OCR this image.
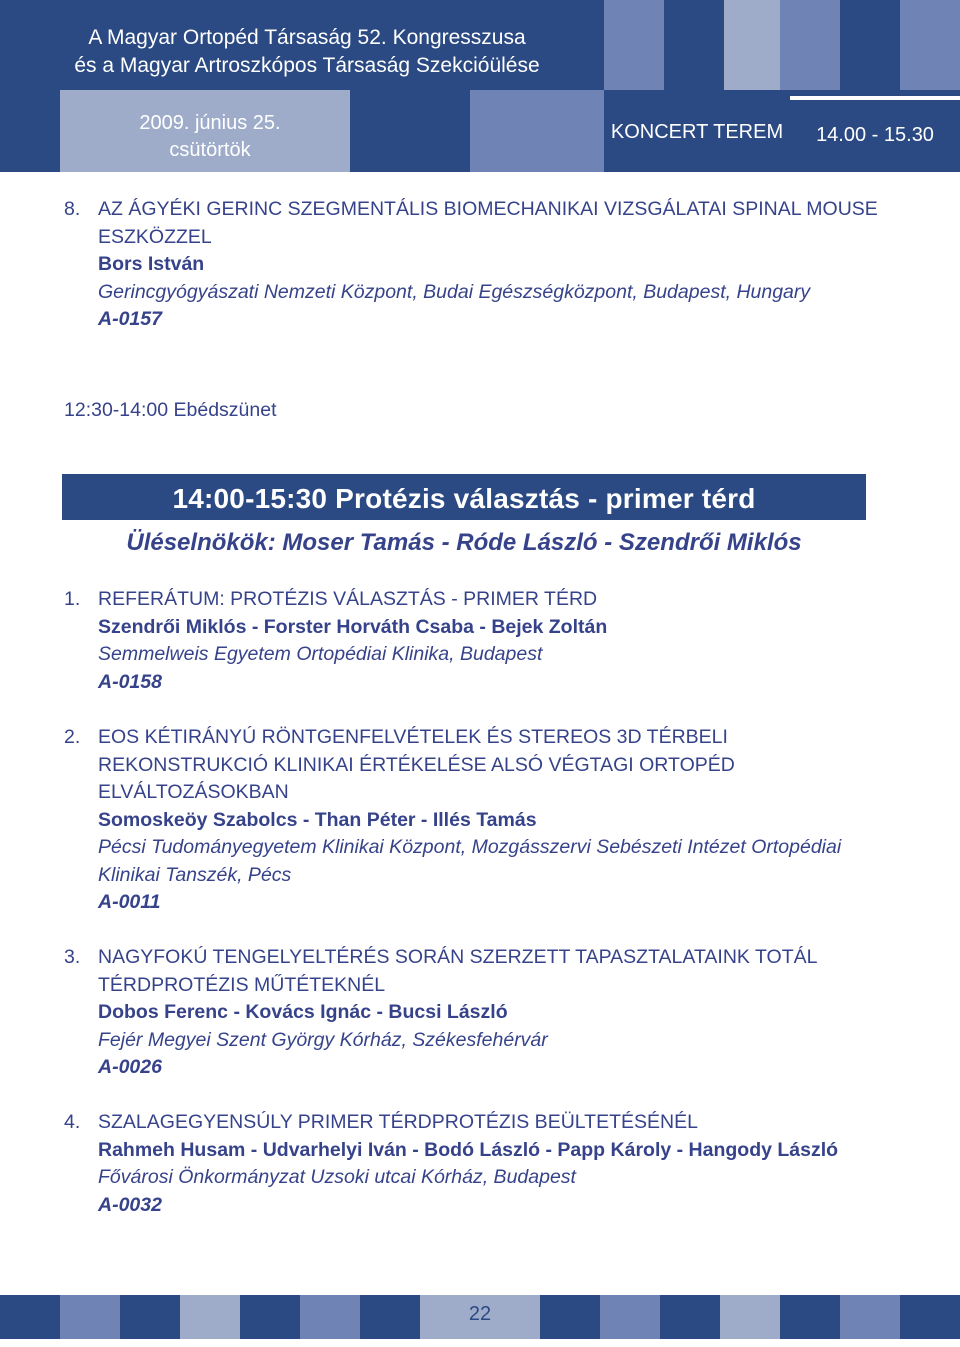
A Magyar Ortopéd Társaság 52. Kongresszusa
és a Magyar Artroszkópos Társaság Szekcióülése
2009. június 25.
csütörtök
KONCERT TEREM	14.00 - 15.30
8. AZ ÁGYÉKI GERINC SZEGMENTÁLIS BIOMECHANIKAI VIZSGÁLATAI SPINAL MOUSE
ESZKÖZZEL
Bors István
Gerincgyógyászati Nemzeti Központ, Budai Egészségközpont, Budapest, Hungary
A-0157
12:30-14:00 Ebédszünet
14:00-15:30 Protézis választás - primer térd
Üléselnökök: Moser Tamás - Róde László - Szendrői Miklós
1. REFERÁTUM: PROTÉZIS VÁLASZTÁS - PRIMER TÉRD
Szendrői Miklós - Forster Horváth Csaba - Bejek Zoltán
Semmelweis Egyetem Ortopédiai Klinika, Budapest
A-0158
2. EOS KÉTIRÁNYÚ RÖNTGENFELVÉTELEK ÉS STEREOS 3D TÉRBELI
REKONSTRUKCIÓ KLINIKAI ÉRTÉKELÉSE ALSÓ VÉGTAGI ORTOPÉD
ELVÁLTOZÁSOKBAN
Somoskeöy Szabolcs - Than Péter - Illés Tamás
Pécsi Tudományegyetem Klinikai Központ, Mozgásszervi Sebészeti Intézet Ortopédiai
Klinikai Tanszék, Pécs
A-0011
3. NAGYFOKÚ TENGELYELTÉRÉS SORÁN SZERZETT TAPASZTALATAINK TOTÁL
TÉRDPROTÉZIS MŰTÉTEKNÉL
Dobos Ferenc - Kovács Ignác - Bucsi László
Fejér Megyei Szent György Kórház, Székesfehérvár
A-0026
4. SZALAGEGYENSÚLY PRIMER TÉRDPROTÉZIS BEÜLTETÉSÉNÉL
Rahmeh Husam - Udvarhelyi Iván - Bodó László - Papp Károly - Hangody László
Fővárosi Önkormányzat Uzsoki utcai Kórház, Budapest
A-0032
22
